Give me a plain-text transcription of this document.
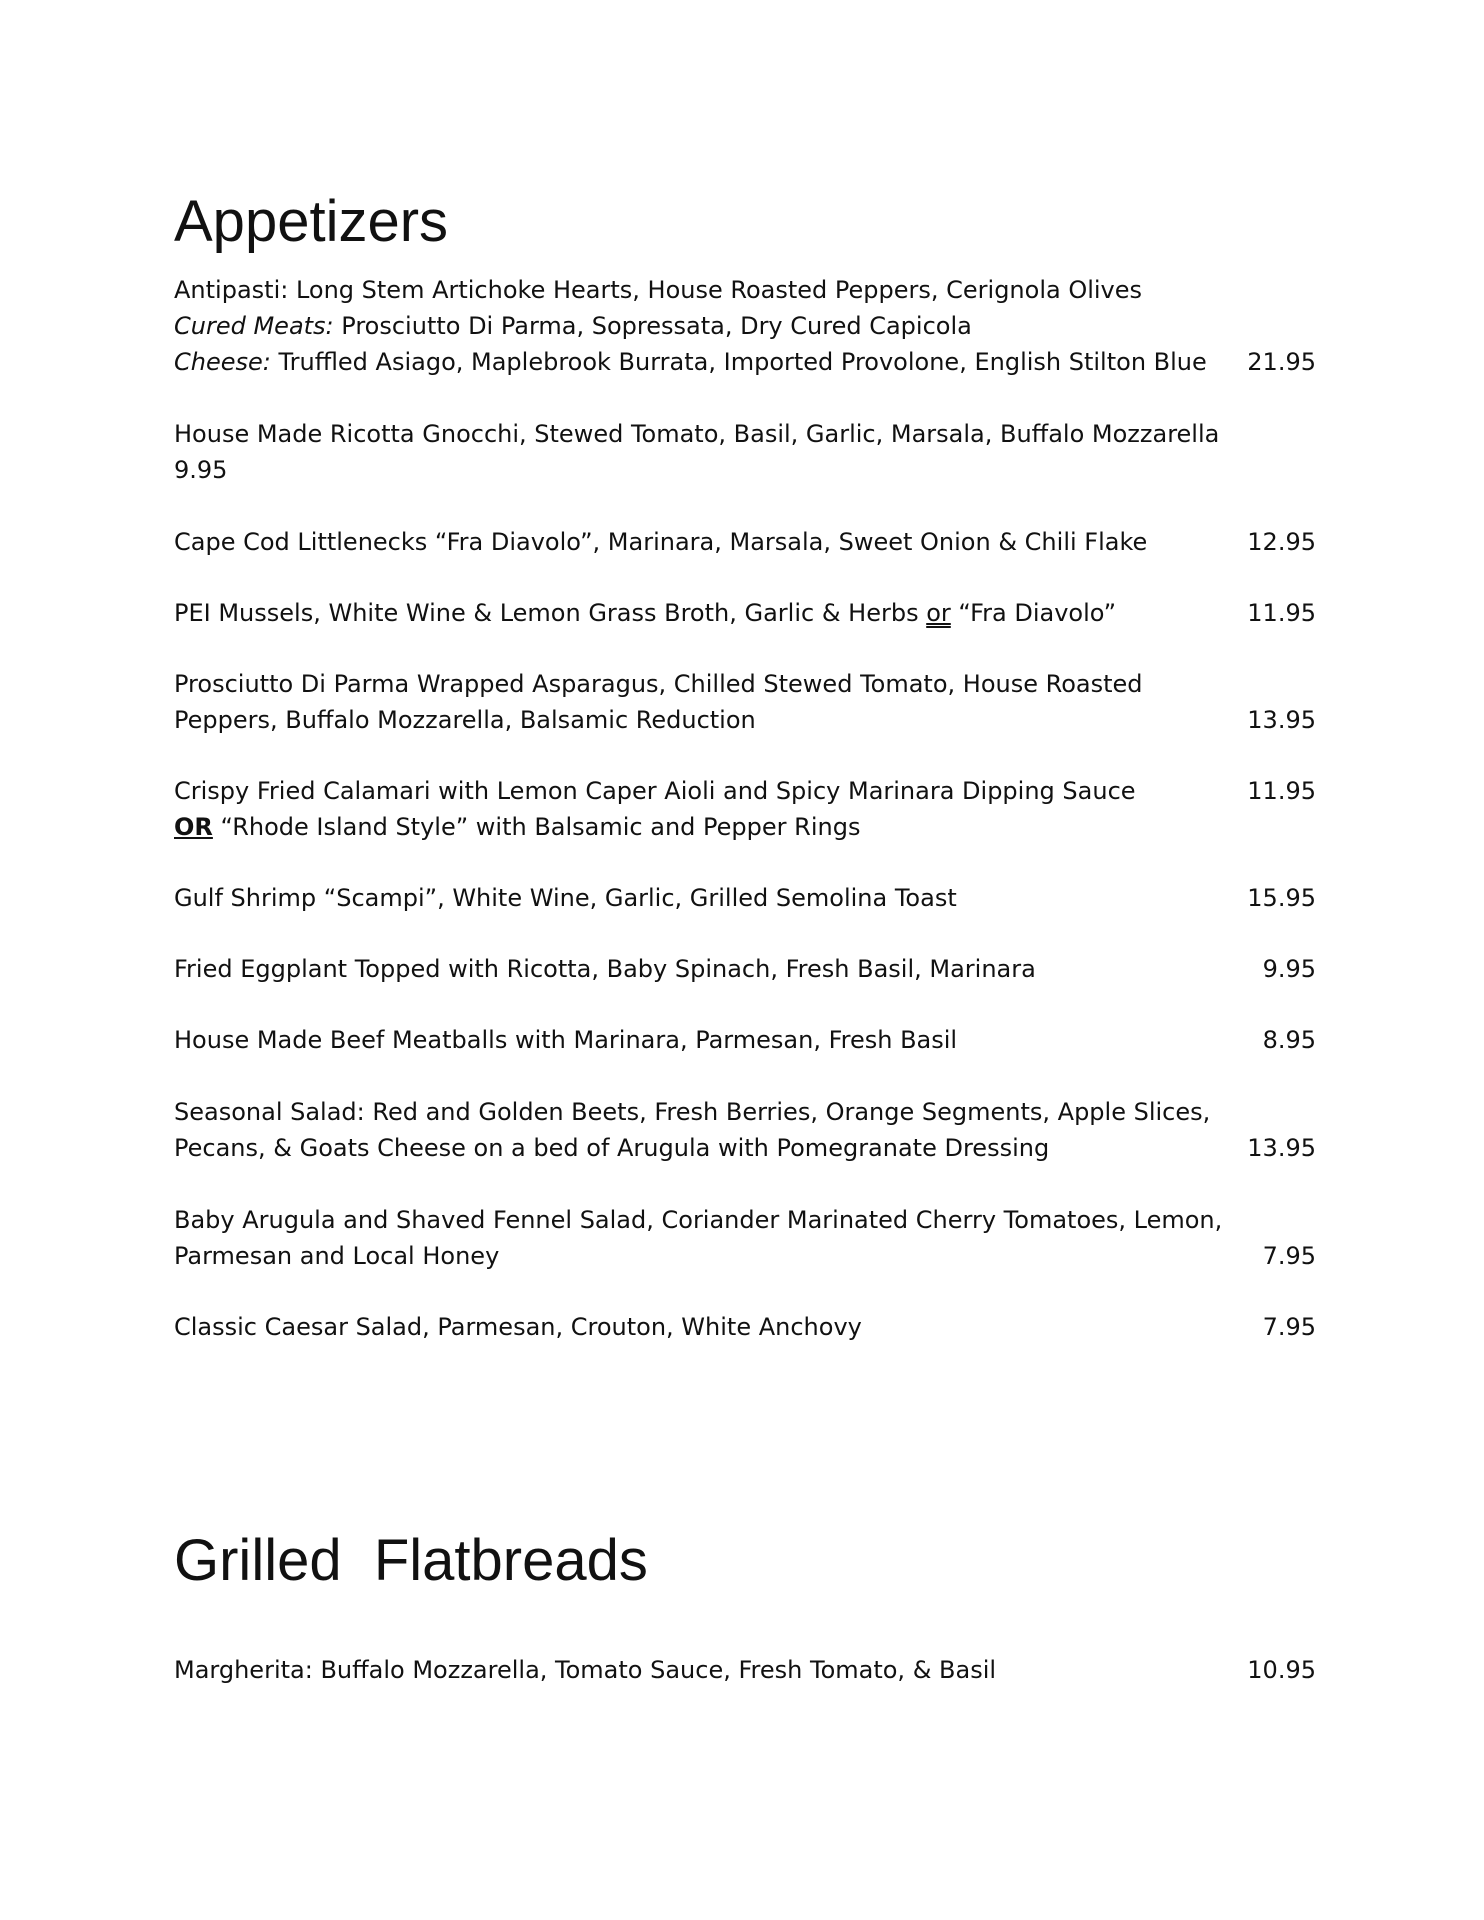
Appetizers
Antipasti: Long Stem Artichoke Hearts, House Roasted Peppers, Cerignola Olives
Cured Meats: Prosciutto Di Parma, Sopressata, Dry Cured Capicola
Cheese: Truffled Asiago, Maplebrook Burrata, Imported Provolone, English Stilton Blue	21.95
House Made Ricotta Gnocchi, Stewed Tomato, Basil, Garlic, Marsala, Buffalo Mozzarella
9.95
Cape Cod Littlenecks “Fra Diavolo”, Marinara, Marsala, Sweet Onion & Chili Flake	12.95
PEI Mussels, White Wine & Lemon Grass Broth, Garlic & Herbs or “Fra Diavolo”	11.95
Prosciutto Di Parma Wrapped Asparagus, Chilled Stewed Tomato, House Roasted
Peppers, Buffalo Mozzarella, Balsamic Reduction	13.95
Crispy Fried Calamari with Lemon Caper Aioli and Spicy Marinara Dipping Sauce	11.95
OR “Rhode Island Style” with Balsamic and Pepper Rings
Gulf Shrimp “Scampi”, White Wine, Garlic, Grilled Semolina Toast	15.95
Fried Eggplant Topped with Ricotta, Baby Spinach, Fresh Basil, Marinara	9.95
House Made Beef Meatballs with Marinara, Parmesan, Fresh Basil	8.95
Seasonal Salad: Red and Golden Beets, Fresh Berries, Orange Segments, Apple Slices,
Pecans, & Goats Cheese on a bed of Arugula with Pomegranate Dressing	13.95
Baby Arugula and Shaved Fennel Salad, Coriander Marinated Cherry Tomatoes, Lemon,
Parmesan and Local Honey	7.95
Classic Caesar Salad, Parmesan, Crouton, White Anchovy	7.95
Grilled  Flatbreads
Margherita: Buffalo Mozzarella, Tomato Sauce, Fresh Tomato, & Basil	10.95
